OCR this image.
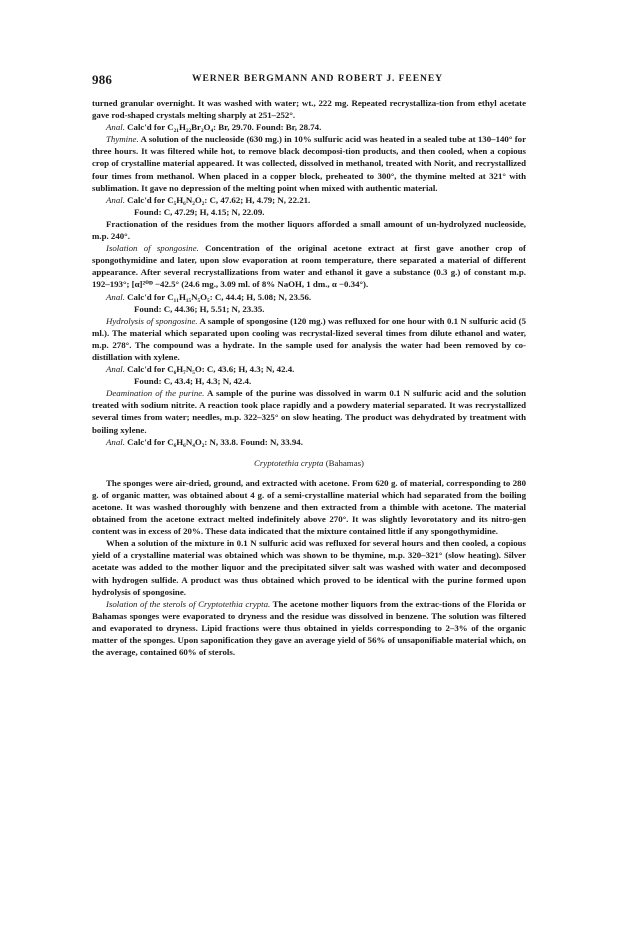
986	WERNER BERGMANN AND ROBERT J. FEENEY

turned granular overnight. It was washed with water; wt., 222 mg. Repeated recrystalliza-tion from ethyl acetate gave rod-shaped crystals melting sharply at 251–252°.

Anal. Calc'd for C₂₁H₂₂Br₂O₄: Br, 29.70. Found: Br, 28.74.

Thymine. A solution of the nucleoside (630 mg.) in 10% sulfuric acid was heated in a sealed tube at 130–140° for three hours. It was filtered while hot, to remove black decomposi-tion products, and then cooled, when a copious crop of crystalline material appeared. It was collected, dissolved in methanol, treated with Norit, and recrystallized four times from methanol. When placed in a copper block, preheated to 300°, the thymine melted at 321° with sublimation. It gave no depression of the melting point when mixed with authentic material.

Anal. Calc'd for C₅H₆N₂O₂: C, 47.62; H, 4.79; N, 22.21.

Found: C, 47.29; H, 4.15; N, 22.09.

Fractionation of the residues from the mother liquors afforded a small amount of un-hydrolyzed nucleoside, m.p. 240°.

Isolation of spongosine. Concentration of the original acetone extract at first gave another crop of spongothymidine and later, upon slow evaporation at room temperature, there separated a material of different appearance. After several recrystallizations from water and ethanol it gave a substance (0.3 g.) of constant m.p. 192–193°; [α]²⁰ᴰ −42.5° (24.6 mg., 3.09 ml. of 8% NaOH, 1 dm., α −0.34°).

Anal. Calc'd for C₁₁H₁₅N₅O₅: C, 44.4; H, 5.08; N, 23.56.

Found: C, 44.36; H, 5.51; N, 23.35.

Hydrolysis of spongosine. A sample of spongosine (120 mg.) was refluxed for one hour with 0.1 N sulfuric acid (5 ml.). The material which separated upon cooling was recrystal-lized several times from dilute ethanol and water, m.p. 278°. The compound was a hydrate. In the sample used for analysis the water had been removed by co-distillation with xylene.

Anal. Calc'd for C₆H₇N₅O: C, 43.6; H, 4.3; N, 42.4.

Found: C, 43.4; H, 4.3; N, 42.4.

Deamination of the purine. A sample of the purine was dissolved in warm 0.1 N sulfuric acid and the solution treated with sodium nitrite. A reaction took place rapidly and a powdery material separated. It was recrystallized several times from water; needles, m.p. 322–325° on slow heating. The product was dehydrated by treatment with boiling xylene.

Anal. Calc'd for C₆H₆N₄O₂: N, 33.8. Found: N, 33.94.

Cryptotethia crypta (Bahamas)

The sponges were air-dried, ground, and extracted with acetone. From 620 g. of material, corresponding to 280 g. of organic matter, was obtained about 4 g. of a semi-crystalline material which had separated from the boiling acetone. It was washed thoroughly with benzene and then extracted from a thimble with acetone. The material obtained from the acetone extract melted indefinitely above 270°. It was slightly levorotatory and its nitro-gen content was in excess of 20%. These data indicated that the mixture contained little if any spongothymidine.

When a solution of the mixture in 0.1 N sulfuric acid was refluxed for several hours and then cooled, a copious yield of a crystalline material was obtained which was shown to be thymine, m.p. 320–321° (slow heating). Silver acetate was added to the mother liquor and the precipitated silver salt was washed with water and decomposed with hydrogen sulfide. A product was thus obtained which proved to be identical with the purine formed upon hydrolysis of spongosine.

Isolation of the sterols of Cryptotethia crypta. The acetone mother liquors from the extrac-tions of the Florida or Bahamas sponges were evaporated to dryness and the residue was dissolved in benzene. The solution was filtered and evaporated to dryness. Lipid fractions were thus obtained in yields corresponding to 2–3% of the organic matter of the sponges. Upon saponification they gave an average yield of 56% of unsaponifiable material which, on the average, contained 60% of sterols.
